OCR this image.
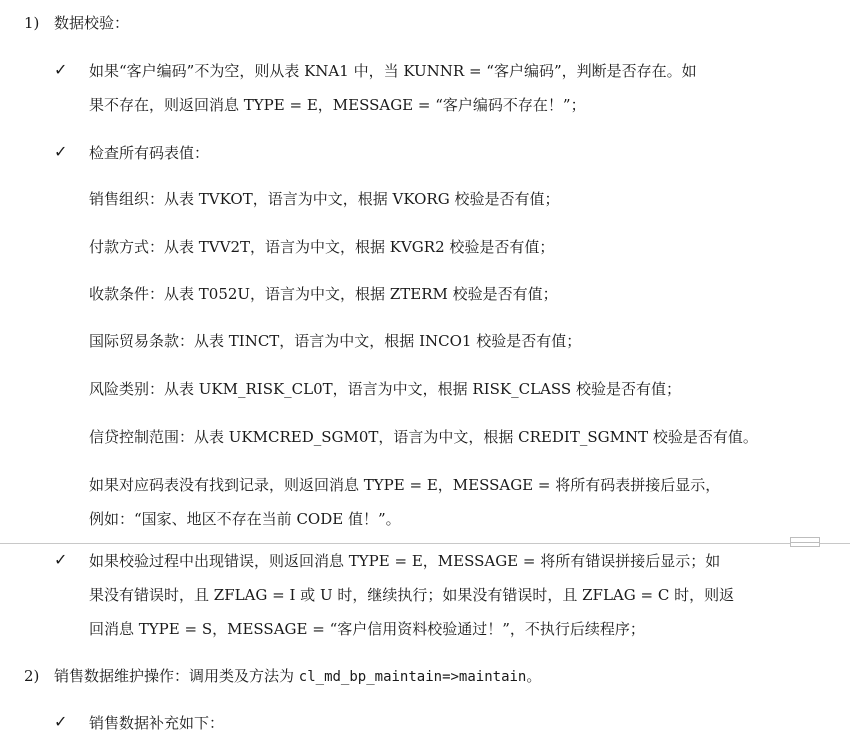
1) 数据校验：
✓ 如果“客户编码”不为空，则从表 KNA1 中，当 KUNNR = “客户编码”，判断是否存在。如
果不存在，则返回消息 TYPE = E，MESSAGE = “客户编码不存在！”；
✓ 检查所有码表值：
销售组织：从表 TVKOT，语言为中文，根据 VKORG 校验是否有值；
付款方式：从表 TVV2T，语言为中文，根据 KVGR2 校验是否有值；
收款条件：从表 T052U，语言为中文，根据 ZTERM 校验是否有值；
国际贸易条款：从表 TINCT，语言为中文，根据 INCO1 校验是否有值；
风险类别：从表 UKM_RISK_CL0T，语言为中文，根据 RISK_CLASS 校验是否有值；
信贷控制范围：从表 UKMCRED_SGM0T，语言为中文，根据 CREDIT_SGMNT 校验是否有值。
如果对应码表没有找到记录，则返回消息 TYPE = E，MESSAGE = 将所有码表拼接后显示，
例如：“国家、地区不存在当前 CODE 值！”。
✓ 如果校验过程中出现错误，则返回消息 TYPE = E，MESSAGE = 将所有错误拼接后显示；如
果没有错误时，且 ZFLAG = I 或 U 时，继续执行；如果没有错误时，且 ZFLAG = C 时，则返
回消息 TYPE = S，MESSAGE = “客户信用资料校验通过！”，不执行后续程序；
2) 销售数据维护操作：调用类及方法为 cl_md_bp_maintain=>maintain。
✓ 销售数据补充如下：
